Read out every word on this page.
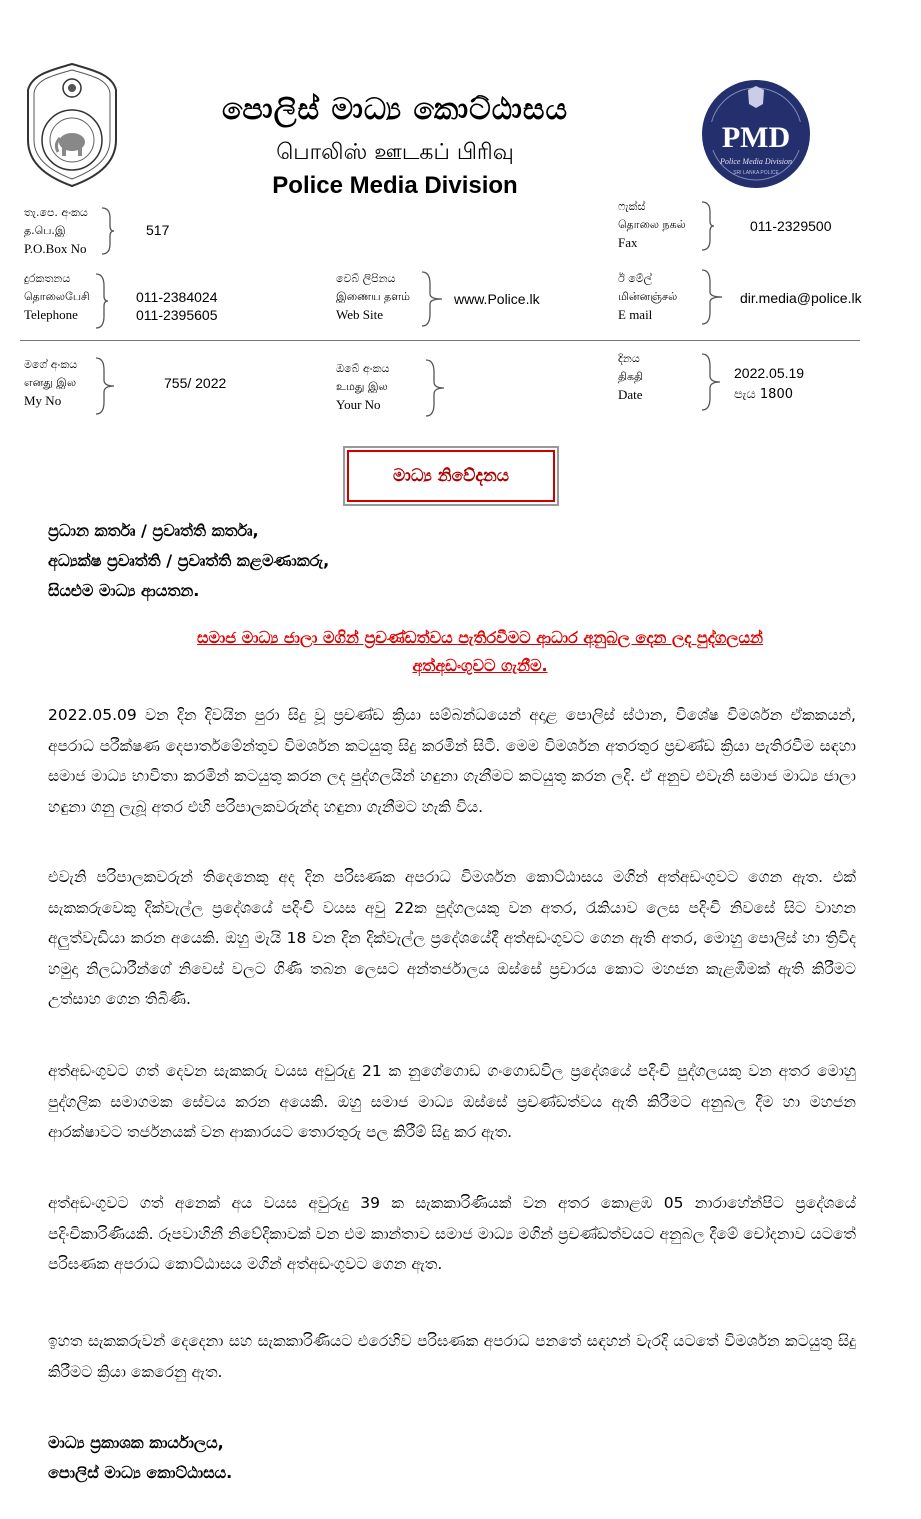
PMD
Police Media Division
SRI LANKA POLICE
පොලිස් මාධ්‍ය කොට්ඨාසය
பொலிஸ் ஊடகப் பிரிவு
Police Media Division
තැ.පෙ. අංකය
த.பெ.இ
P.O.Box No
517
ෆැක්ස්
தொலை நகல்
Fax
011-2329500
දුරකතනය
தொலைபேசி
Telephone
011-2384024
011-2395605
වෙබ් ලිපිනය
இணைய தளம்
Web Site
www.Police.lk
ඊ මේල්
மின்னஞ்சல்
E mail
dir.media@police.lk
මගේ අංකය
எனது இல
My No
755/ 2022
ඔබේ අංකය
உமது இல
Your No
දිනය
திகதி
Date
2022.05.19
පැය 1800
මාධ්‍ය නිවේදනය
ප්‍රධාන කර්තෘ / ප්‍රවෘත්ති කර්තෘ,
අධ්‍යක්ෂ ප්‍රවෘත්ති / ප්‍රවෘත්ති කළමණාකරු,
සියළුම මාධ්‍ය ආයතන.
සමාජ මාධ්‍ය ජාලා මගින් ප්‍රචණ්ඩත්වය පැතිරවීමට ආධාර අනුබල දෙන ලද පුද්ගලයන්
අත්අඩංගුවට ගැනීම.
2022.05.09 වන දින දිවයින පුරා සිදු වූ ප්‍රචණ්ඩ ක්‍රියා සම්බන්ධයෙන් අදාළ පොලිස් ස්ථාන, විශේෂ විමර්ශන ඒකකයන්, අපරාධ පරීක්ෂණ දෙපාර්තමේන්තුව විමර්ශන කටයුතු සිදු කරමින් සිටී. මෙම විමර්ශන අතරතුර ප්‍රචණ්ඩ ක්‍රියා පැතිරවීම සඳහා සමාජ මාධ්‍ය භාවිතා කරමින් කටයුතු කරන ලද පුද්ගලයින් හඳුනා ගැනීමට කටයුතු කරන ලදි. ඒ අනුව එවැනි සමාජ මාධ්‍ය ජාලා හඳුනා ගනු ලැබූ අතර එහි පරිපාලකවරුන්ද හඳුනා ගැනීමට හැකි විය.
එවැනි පරිපාලකවරුන් තිදෙනෙකු අද දින පරිඝණක අපරාධ විමර්ශන කොට්ඨාසය මගින් අත්අඩංගුවට ගෙන ඇත. එක් සැකකරුවෙකු දික්වැල්ල ප්‍රදේශයේ පදිංචි වයස අවු 22ක පුද්ගලයකු වන අතර, රැකියාව ලෙස පදිංචි නිවසේ සිට වාහන අලුත්වැඩියා කරන අයෙකි. ඔහු මැයි 18 වන දින දික්වැල්ල ප්‍රදේශයේදී අත්අඩංගුවට ගෙන ඇති අතර, මොහු පොලිස් හා ත්‍රිවිද හමුදා නිලධාරීන්ගේ නිවෙස් වලට ගිණි තබන ලෙසට අන්තර්ජාලය ඔස්සේ ප්‍රචාරය කොට මහජන කැළඹීමක් ඇති කිරීමට උත්සාහ ගෙන තිබිණි.
අත්අඩංගුවට ගත් දෙවන සැකකරු වයස අවුරුදු 21 ක නුගේගොඩ ගංගොඩවිල ප්‍රදේශයේ පදිංචි පුද්ගලයකු වන අතර මොහු පුද්ගලික සමාගමක සේවය කරන අයෙකි. ඔහු සමාජ මාධ්‍ය ඔස්සේ ප්‍රචණ්ඩත්වය ඇති කිරීමට අනුබල දීම හා මහජන ආරක්ෂාවට තර්ජනයක් වන ආකාරයට තොරතුරු පල කිරීම් සිදු කර ඇත.
අත්අඩංගුවට ගත් අනෙක් අය වයස අවුරුදු 39 ක සැකකාරිණියක් වන අතර කොළඹ 05 නාරාහේන්පිට ප්‍රදේශයේ පදිංචිකාරිණියකි. රූපවාහිනී නිවේදිකාවක් වන එම කාන්තාව සමාජ මාධ්‍ය මගින් ප්‍රචණ්ඩත්වයට අනුබල දීමේ චෝදනාව යටතේ පරිඝණක අපරාධ කොට්ඨාසය මගින් අත්අඩංගුවට ගෙන ඇත.
ඉහත සැකකරුවන් දෙදෙනා සහ සැකකාරිණියට එරෙහිව පරිඝණක අපරාධ පනතේ සඳහන් වැරදි යටතේ විමර්ශන කටයුතු සිදු කිරීමට ක්‍රියා කෙරෙනු ඇත.
මාධ්‍ය ප්‍රකාශක කාර්යාලය,
පොලිස් මාධ්‍ය කොට්ඨාසය.
